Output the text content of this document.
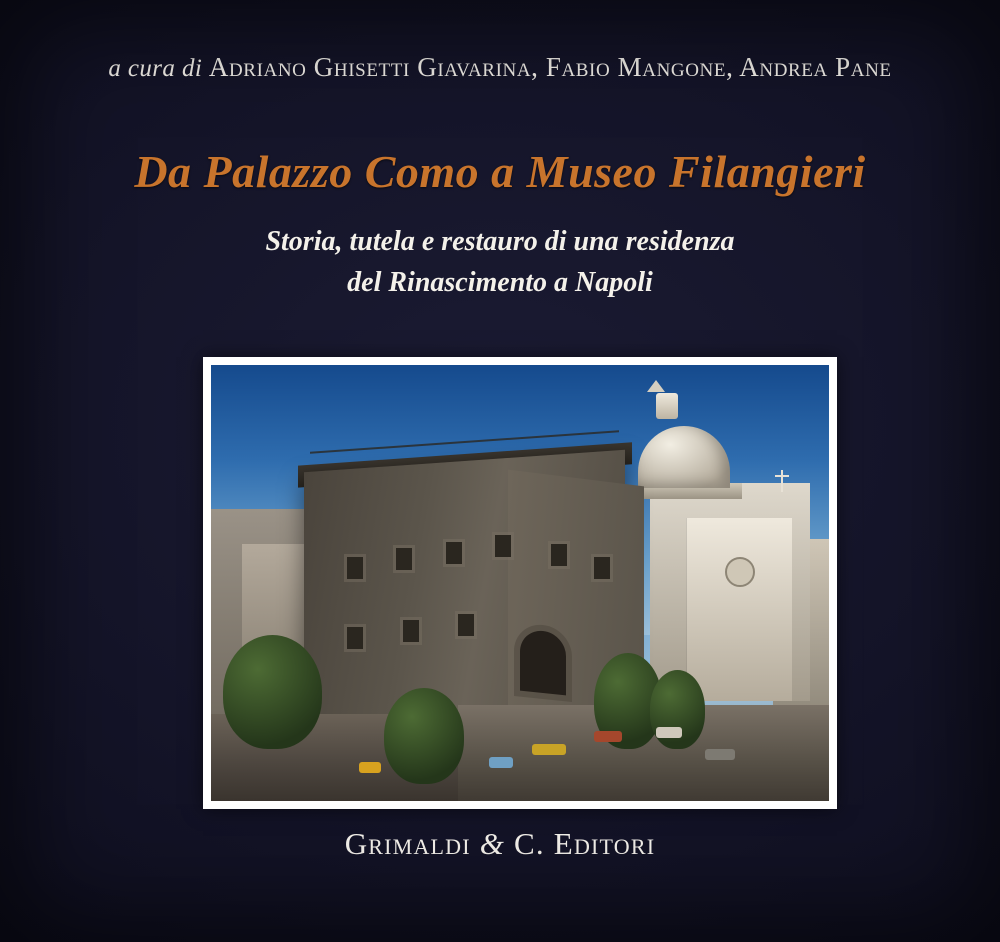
a cura di Adriano Ghisetti Giavarina, Fabio Mangone, Andrea Pane
Da Palazzo Como a Museo Filangieri
Storia, tutela e restauro di una residenza
del Rinascimento a Napoli
Grimaldi & C. Editori
